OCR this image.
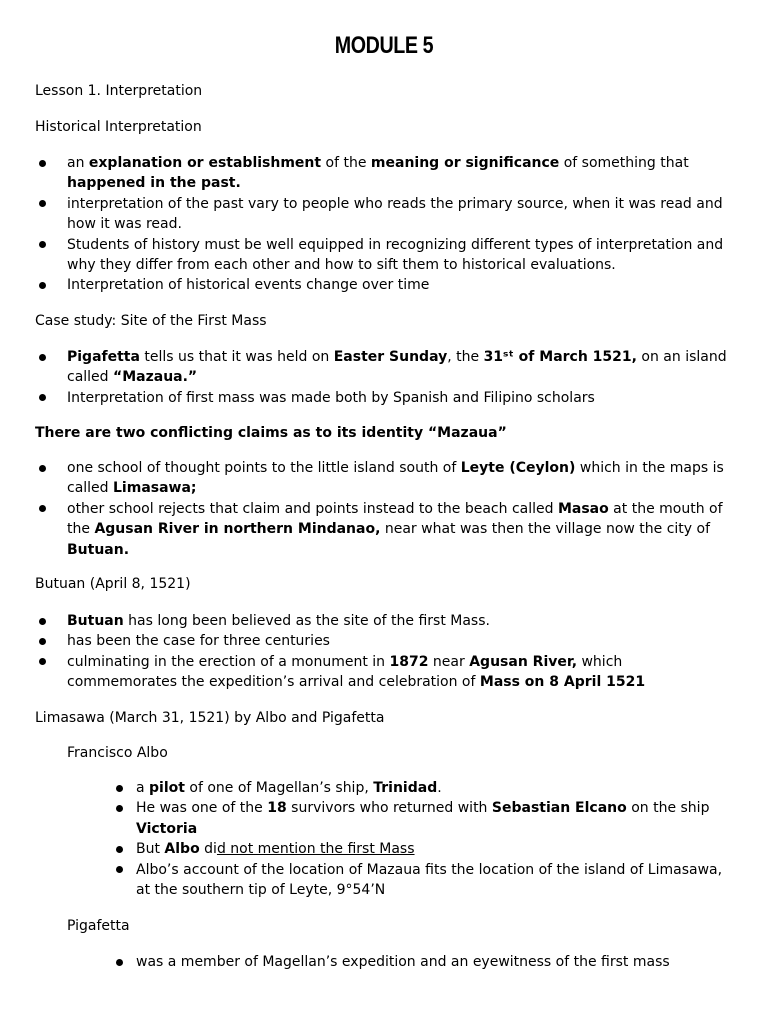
MODULE 5
Lesson 1. Interpretation
Historical Interpretation
an explanation or establishment of the meaning or significance of something that happened in the past.
interpretation of the past vary to people who reads the primary source, when it was read and how it was read.
Students of history must be well equipped in recognizing different types of interpretation and why they differ from each other and how to sift them to historical evaluations.
Interpretation of historical events change over time
Case study: Site of the First Mass
Pigafetta tells us that it was held on Easter Sunday, the 31ˢᵗ of March 1521, on an island called “Mazaua.”
Interpretation of first mass was made both by Spanish and Filipino scholars
There are two conflicting claims as to its identity “Mazaua”
one school of thought points to the little island south of Leyte (Ceylon) which in the maps is called Limasawa;
other school rejects that claim and points instead to the beach called Masao at the mouth of the Agusan River in northern Mindanao, near what was then the village now the city of Butuan.
Butuan (April 8, 1521)
Butuan has long been believed as the site of the first Mass.
has been the case for three centuries
culminating in the erection of a monument in 1872 near Agusan River, which commemorates the expedition’s arrival and celebration of Mass on 8 April 1521
Limasawa (March 31, 1521) by Albo and Pigafetta
Francisco Albo
a pilot of one of Magellan’s ship, Trinidad.
He was one of the 18 survivors who returned with Sebastian Elcano on the ship Victoria
But Albo did not mention the first Mass
Albo’s account of the location of Mazaua fits the location of the island of Limasawa, at the southern tip of Leyte, 9°54’N
Pigafetta
was a member of Magellan’s expedition and an eyewitness of the first mass
